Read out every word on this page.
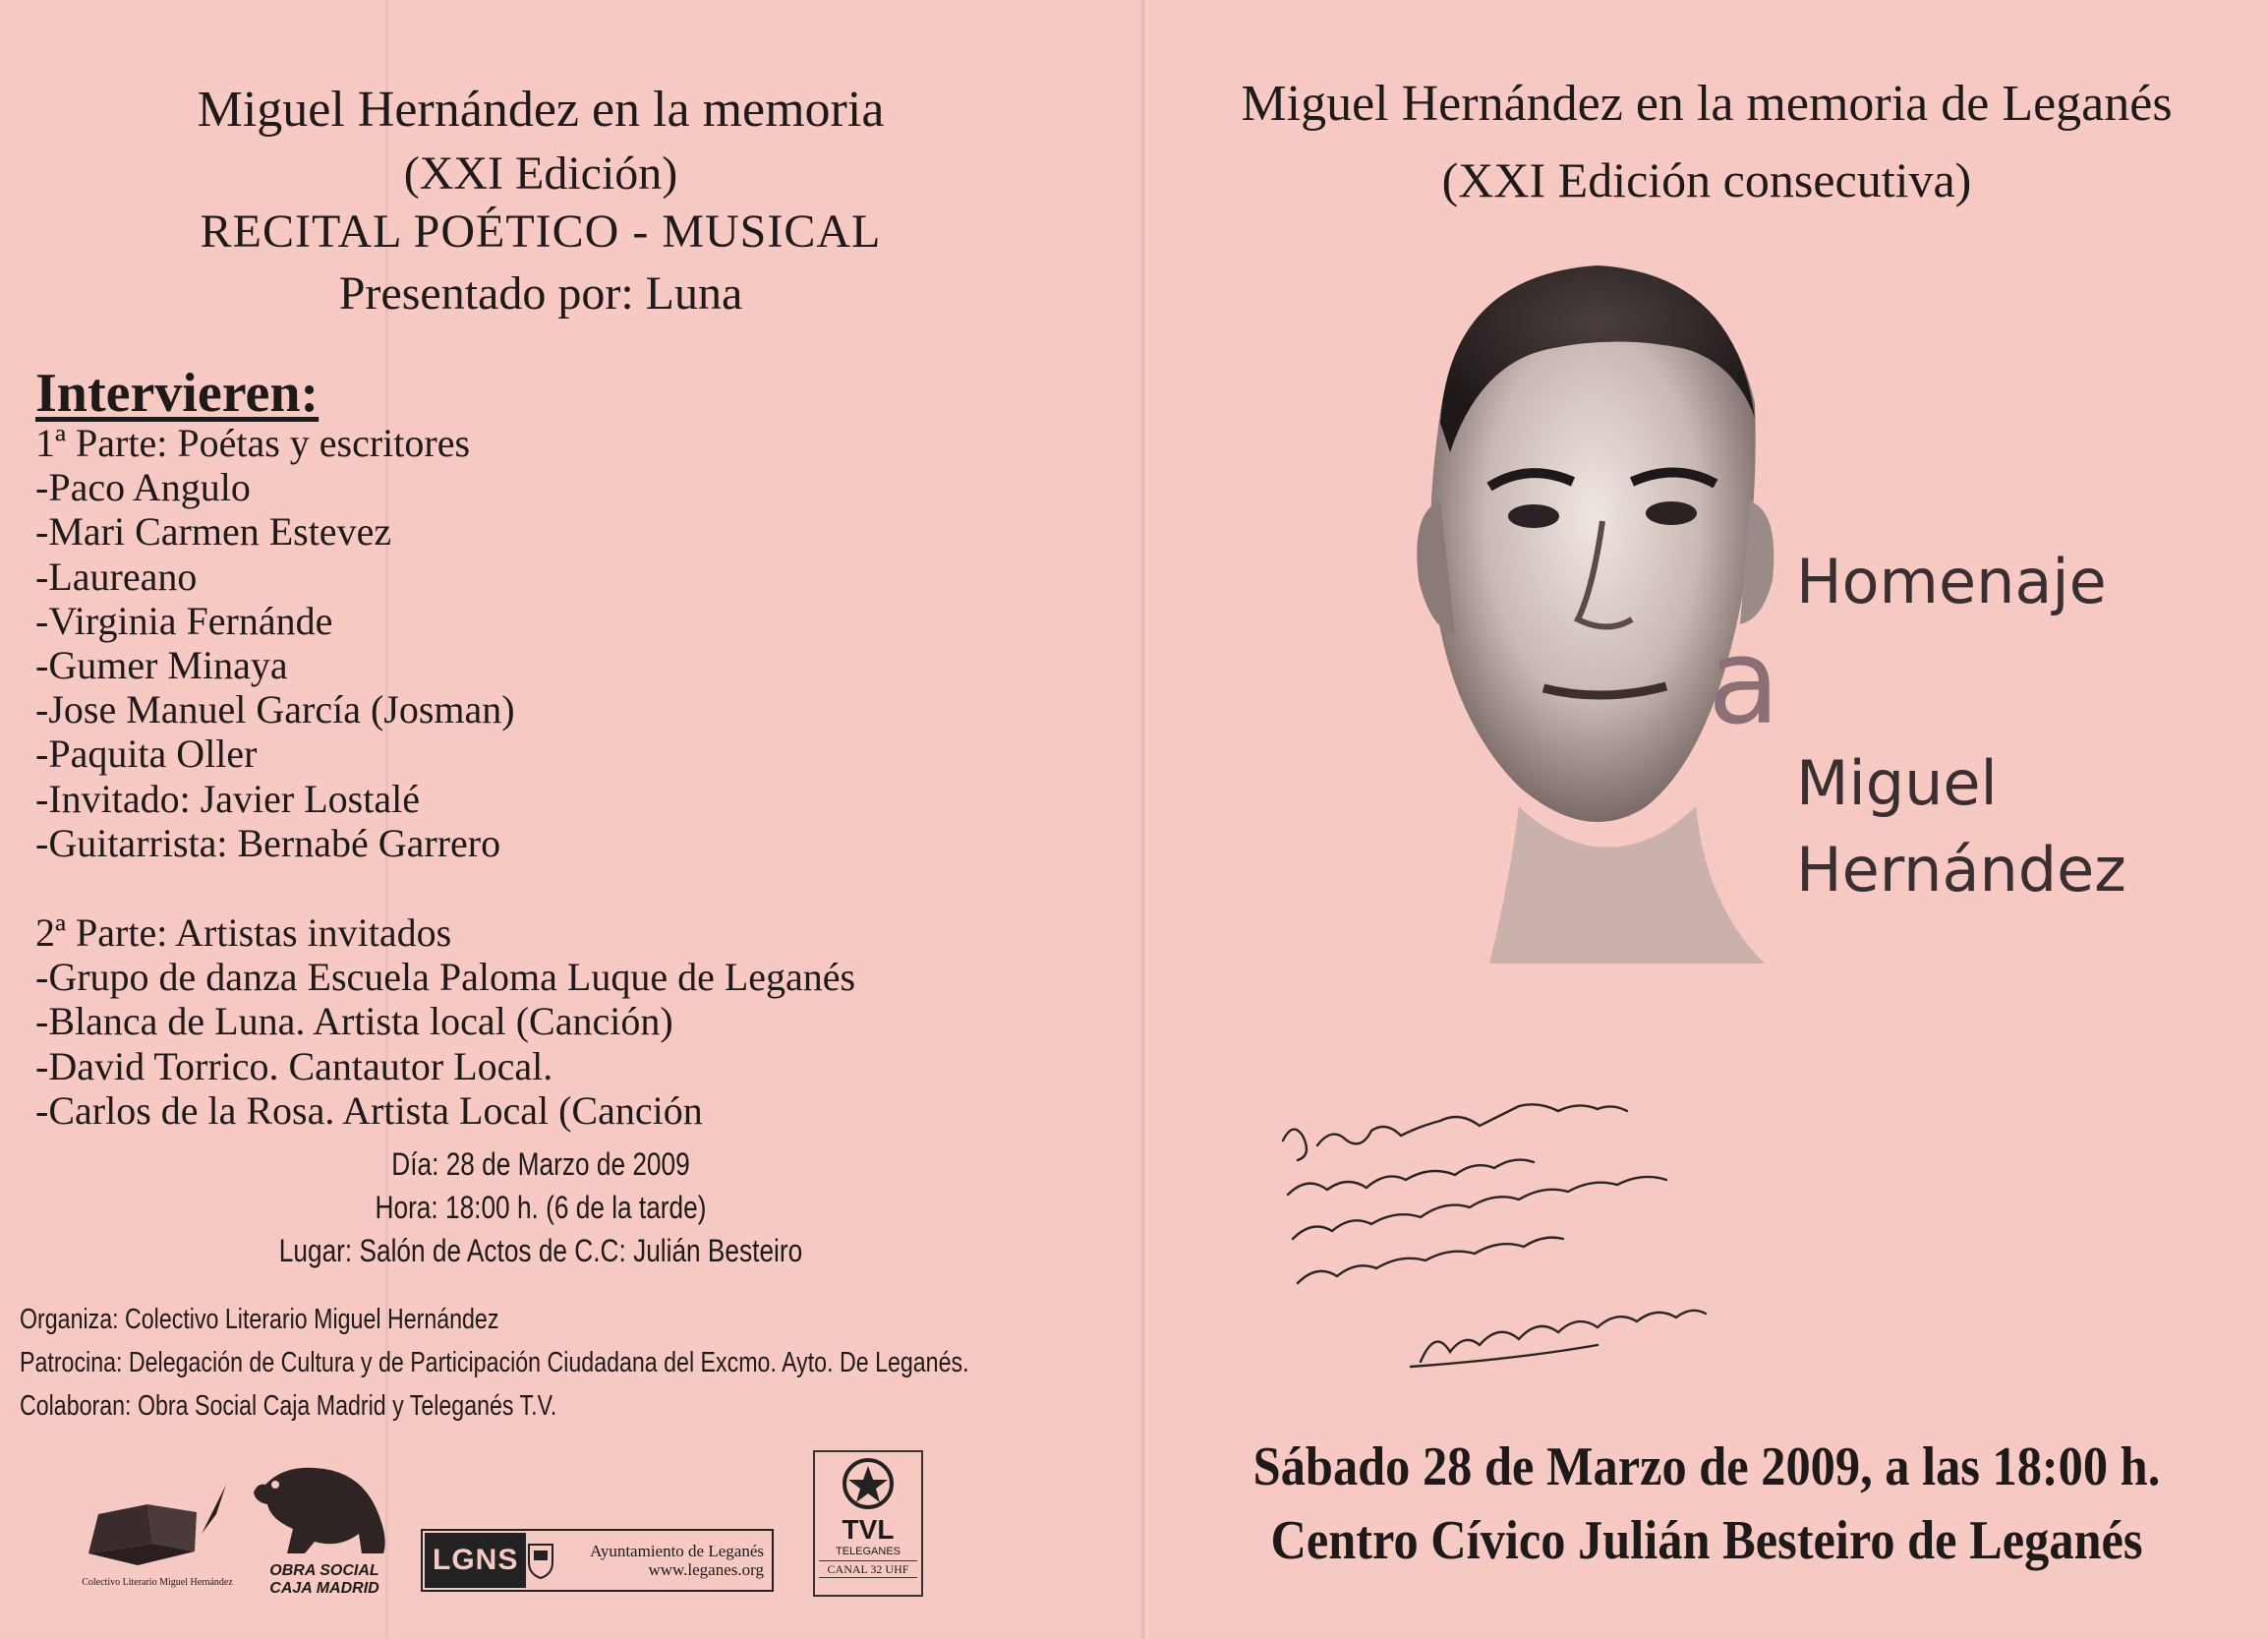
Miguel Hernández en la memoria
(XXI Edición)
RECITAL POÉTICO - MUSICAL
Presentado por: Luna
Intervieren:
1ª Parte: Poétas y escritores
-Paco Angulo
-Mari Carmen Estevez
-Laureano
-Virginia Fernánde
-Gumer Minaya
-Jose Manuel García (Josman)
-Paquita Oller
-Invitado: Javier Lostalé
-Guitarrista: Bernabé Garrero
2ª Parte: Artistas invitados
-Grupo de danza Escuela Paloma Luque de Leganés
-Blanca de Luna. Artista local (Canción)
-David Torrico. Cantautor Local.
-Carlos de la Rosa. Artista Local (Canción
Día: 28 de Marzo de 2009
Hora: 18:00 h. (6 de la tarde)
Lugar: Salón de Actos de C.C: Julián Besteiro
Organiza: Colectivo Literario Miguel Hernández
Patrocina: Delegación de Cultura y de Participación Ciudadana del Excmo. Ayto. De Leganés.
Colaboran: Obra Social Caja Madrid y Teleganés T.V.
Colectivo Literario Miguel Hernández
OBRA SOCIAL
CAJA MADRID
LGNS	Ayuntamiento de Leganés
www.leganes.org
TVL
TELEGANES
CANAL 32 UHF
Miguel Hernández en la memoria de Leganés
(XXI Edición consecutiva)
Homenaje
a
Miguel
Hernández
Sábado 28 de Marzo de 2009, a las 18:00 h.
Centro Cívico Julián Besteiro de Leganés
